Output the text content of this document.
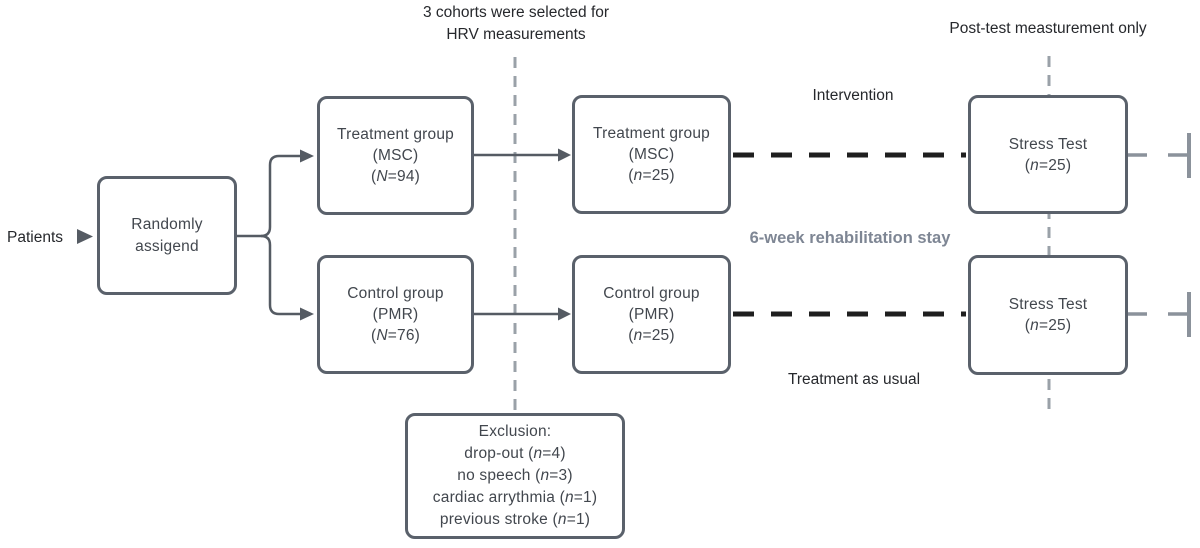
3 cohorts were selected for
HRV measurements	Post-test measturement only
Patients
Intervention
6-week rehabilitation stay
Treatment as usual
Randomly
assigend
Treatment group
(MSC)
(N=94)
Control group
(PMR)
(N=76)
Treatment group
(MSC)
(n=25)
Control group
(PMR)
(n=25)
Stress Test
(n=25)
Stress Test
(n=25)
Exclusion:
drop-out (n=4)
no speech (n=3)
cardiac arrythmia (n=1)
previous stroke (n=1)
